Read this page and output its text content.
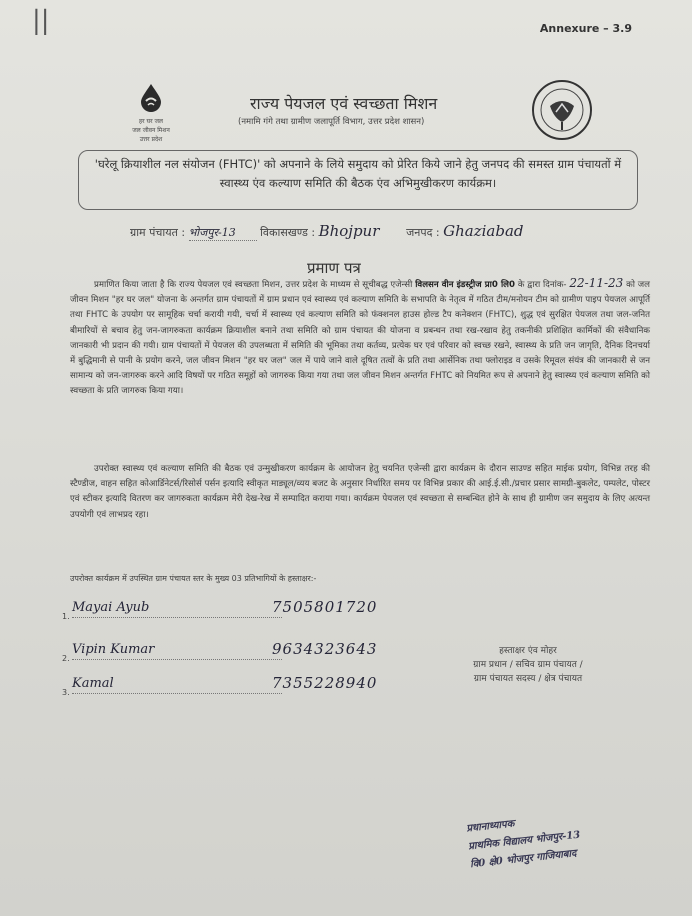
||	Annexure – 3.9
हर घर जल
जल जीवन मिशन
उत्तर प्रदेश
राज्य पेयजल एवं स्वच्छता मिशन
(नमामि गंगे तथा ग्रामीण जलापूर्ति विभाग, उत्तर प्रदेश शासन)
'घरेलू क्रियाशील नल संयोजन (FHTC)' को अपनाने के लिये समुदाय को प्रेरित किये जाने हेतु जनपद की समस्त ग्राम पंचायतों में स्वास्थ्य एंव कल्याण समिति की बैठक एंव अभिमुखीकरण कार्यक्रम।
ग्राम पंचायत : भोजपुर-13 विकासखण्ड : Bhojpur जनपद : Ghaziabad
प्रमाण पत्र
प्रमाणित किया जाता है कि राज्य पेयजल एवं स्वच्छता मिशन, उत्तर प्रदेश के माध्यम से सूचीबद्ध एजेन्सी विलसन वीन इंडस्ट्रीज प्रा0 लि0 के द्वारा दिनांक- 22-11-23 को जल जीवन मिशन "हर घर जल" योजना के अन्तर्गत ग्राम पंचायतों में ग्राम प्रधान एवं स्वास्थ्य एवं कल्याण समिति के सभापति के नेतृत्व में गठित टीम/मनोयन टीम को ग्रामीण पाइप पेयजल आपूर्ति तथा FHTC के उपयोग पर सामूहिक चर्चा करायी गयी, चर्चा में स्वास्थ्य एवं कल्याण समिति को फंक्शनल हाउस होल्ड टैप कनेक्शन (FHTC), शुद्ध एवं सुरक्षित पेयजल तथा जल-जनित बीमारियों से बचाव हेतु जन-जागरुकता कार्यक्रम क्रियाशील बनाने तथा समिति को ग्राम पंचायत की योजना व प्रबन्धन तथा रख-रखाव हेतु तकनीकी प्रशिक्षित कार्मिकों की संवैधानिक जानकारी भी प्रदान की गयी। ग्राम पंचायतों में पेयजल की उपलब्धता में समिति की भूमिका तथा कर्तव्य, प्रत्येक घर एवं परिवार को स्वच्छ रखने, स्वास्थ्य के प्रति जन जागृति, दैनिक दिनचर्या में बुद्धिमानी से पानी के प्रयोग करने, जल जीवन मिशन "हर घर जल" जल में पाये जाने वाले दूषित तत्वों के प्रति तथा आर्सेनिक तथा फ्लोराइड व उसके रिमूवल संयंत्र की जानकारी से जन सामान्य को जन-जागरुक करने आदि विषयों पर गठित समूहों को जागरुक किया गया तथा जल जीवन मिशन अन्तर्गत FHTC को नियमित रूप से अपनाने हेतु स्वास्थ्य एवं कल्याण समिति को स्वच्छता के प्रति जागरुक किया गया।
उपरोक्त स्वास्थ्य एवं कल्याण समिति की बैठक एवं उन्मुखीकरण कार्यक्रम के आयोजन हेतु चयनित एजेन्सी द्वारा कार्यक्रम के दौरान साउण्ड सहित माईक प्रयोग, विभिन्न तरह की स्टैण्डीज, वाहन सहित कोआर्डिनेटर्स/रिसोर्स पर्सन इत्यादि स्वीकृत माड्यूल/व्यय बजट के अनुसार निर्धारित समय पर विभिन्न प्रकार की आई.ई.सी./प्रचार प्रसार सामग्री-बुकलेट, पम्पलेट, पोस्टर एवं स्टीकर इत्यादि वितरण कर जागरुकता कार्यक्रम मेरी देख-रेख में सम्पादित कराया गया। कार्यक्रम पेयजल एवं स्वच्छता से सम्बन्धित होने के साथ ही ग्रामीण जन समुदाय के लिए अत्यन्त उपयोगी एवं लाभप्रद रहा।
उपरोक्त कार्यक्रम में उपस्थित ग्राम पंचायत स्तर के मुख्य 03 प्रतिभागियों के हस्ताक्षर:-
1.
Mayai Ayub	7505801720
2.
Vipin Kumar	9634323643
3.
Kamal	7355228940
हस्ताक्षर एंव मोहर
ग्राम प्रधान / सचिव ग्राम पंचायत /
ग्राम पंचायत सदस्य / क्षेत्र पंचायत
प्रधानाध्यापक
प्राथमिक विद्यालय भोजपुर-13
वि0 क्षे0 भोजपुर गाजियाबाद
